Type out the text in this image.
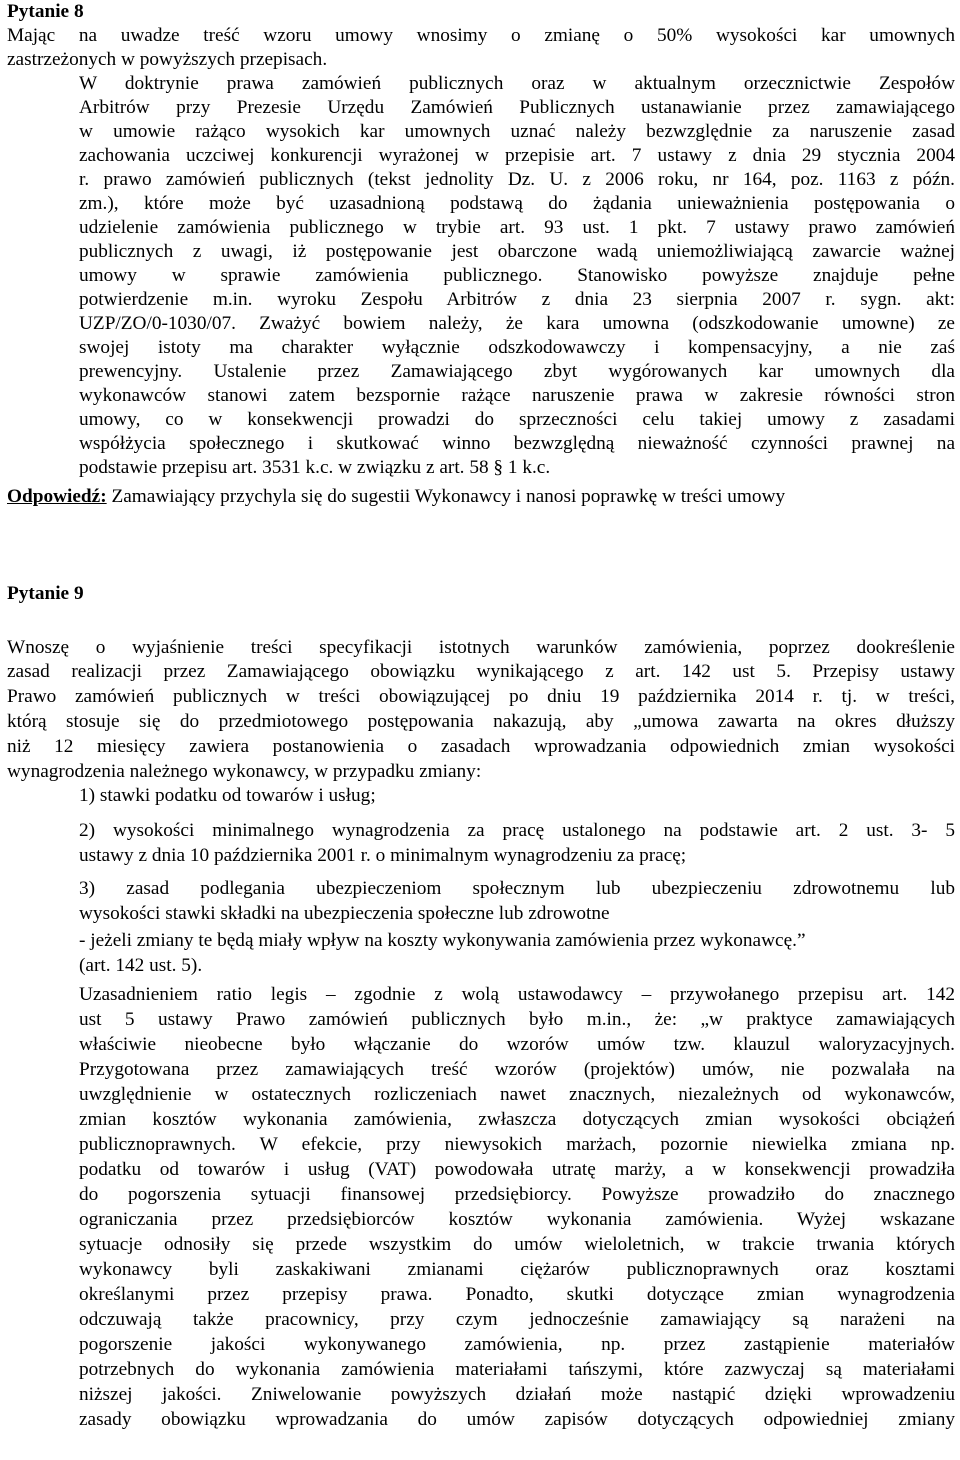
Pytanie 8
Mając na uwadze treść wzoru umowy wnosimy o zmianę o 50% wysokości kar umownych
zastrzeżonych w powyższych przepisach.
W doktrynie prawa zamówień publicznych oraz w aktualnym orzecznictwie Zespołów
Arbitrów przy Prezesie Urzędu Zamówień Publicznych ustanawianie przez zamawiającego
w umowie rażąco wysokich kar umownych uznać należy bezwzględnie za naruszenie zasad
zachowania uczciwej konkurencji wyrażonej w przepisie art. 7 ustawy z dnia 29 stycznia 2004
r. prawo zamówień publicznych (tekst jednolity Dz. U. z 2006 roku, nr 164, poz. 1163 z późn.
zm.), które może być uzasadnioną podstawą do żądania unieważnienia postępowania o
udzielenie zamówienia publicznego w trybie art. 93 ust. 1 pkt. 7 ustawy prawo zamówień
publicznych z uwagi, iż postępowanie jest obarczone wadą uniemożliwiającą zawarcie ważnej
umowy w sprawie zamówienia publicznego. Stanowisko powyższe znajduje pełne
potwierdzenie m.in. wyroku Zespołu Arbitrów z dnia 23 sierpnia 2007 r. sygn. akt:
UZP/ZO/0-1030/07. Zważyć bowiem należy, że kara umowna (odszkodowanie umowne) ze
swojej istoty ma charakter wyłącznie odszkodowawczy i kompensacyjny, a nie zaś
prewencyjny. Ustalenie przez Zamawiającego zbyt wygórowanych kar umownych dla
wykonawców stanowi zatem bezspornie rażące naruszenie prawa w zakresie równości stron
umowy, co w konsekwencji prowadzi do sprzeczności celu takiej umowy z zasadami
współżycia społecznego i skutkować winno bezwzględną nieważność czynności prawnej na
podstawie przepisu art. 3531 k.c. w związku z art. 58 § 1 k.c.
Odpowiedź: Zamawiający przychyla się do sugestii Wykonawcy i nanosi poprawkę w treści umowy
Pytanie 9
Wnoszę o wyjaśnienie treści specyfikacji istotnych warunków zamówienia, poprzez dookreślenie
zasad realizacji przez Zamawiającego obowiązku wynikającego z art. 142 ust 5. Przepisy ustawy
Prawo zamówień publicznych w treści obowiązującej po dniu 19 października 2014 r. tj. w treści,
którą stosuje się do przedmiotowego postępowania nakazują, aby „umowa zawarta na okres dłuższy
niż 12 miesięcy zawiera postanowienia o zasadach wprowadzania odpowiednich zmian wysokości
wynagrodzenia należnego wykonawcy, w przypadku zmiany:
1) stawki podatku od towarów i usług;
2) wysokości minimalnego wynagrodzenia za pracę ustalonego na podstawie art. 2 ust. 3- 5
ustawy z dnia 10 października 2001 r. o minimalnym wynagrodzeniu za pracę;
3) zasad podlegania ubezpieczeniom społecznym lub ubezpieczeniu zdrowotnemu lub
wysokości stawki składki na ubezpieczenia społeczne lub zdrowotne
- jeżeli zmiany te będą miały wpływ na koszty wykonywania zamówienia przez wykonawcę.”
(art. 142 ust. 5).
Uzasadnieniem ratio legis – zgodnie z wolą ustawodawcy – przywołanego przepisu art. 142
ust 5 ustawy Prawo zamówień publicznych było m.in., że: „w praktyce zamawiających
właściwie nieobecne było włączanie do wzorów umów tzw. klauzul waloryzacyjnych.
Przygotowana przez zamawiających treść wzorów (projektów) umów, nie pozwalała na
uwzględnienie w ostatecznych rozliczeniach nawet znacznych, niezależnych od wykonawców,
zmian kosztów wykonania zamówienia, zwłaszcza dotyczących zmian wysokości obciążeń
publicznoprawnych. W efekcie, przy niewysokich marżach, pozornie niewielka zmiana np.
podatku od towarów i usług (VAT) powodowała utratę marży, a w konsekwencji prowadziła
do pogorszenia sytuacji finansowej przedsiębiorcy. Powyższe prowadziło do znacznego
ograniczania przez przedsiębiorców kosztów wykonania zamówienia. Wyżej wskazane
sytuacje odnosiły się przede wszystkim do umów wieloletnich, w trakcie trwania których
wykonawcy byli zaskakiwani zmianami ciężarów publicznoprawnych oraz kosztami
określanymi przez przepisy prawa. Ponadto, skutki dotyczące zmian wynagrodzenia
odczuwają także pracownicy, przy czym jednocześnie zamawiający są narażeni na
pogorszenie jakości wykonywanego zamówienia, np. przez zastąpienie materiałów
potrzebnych do wykonania zamówienia materiałami tańszymi, które zazwyczaj są materiałami
niższej jakości. Zniwelowanie powyższych działań może nastąpić dzięki wprowadzeniu
zasady obowiązku wprowadzania do umów zapisów dotyczących odpowiedniej zmiany
